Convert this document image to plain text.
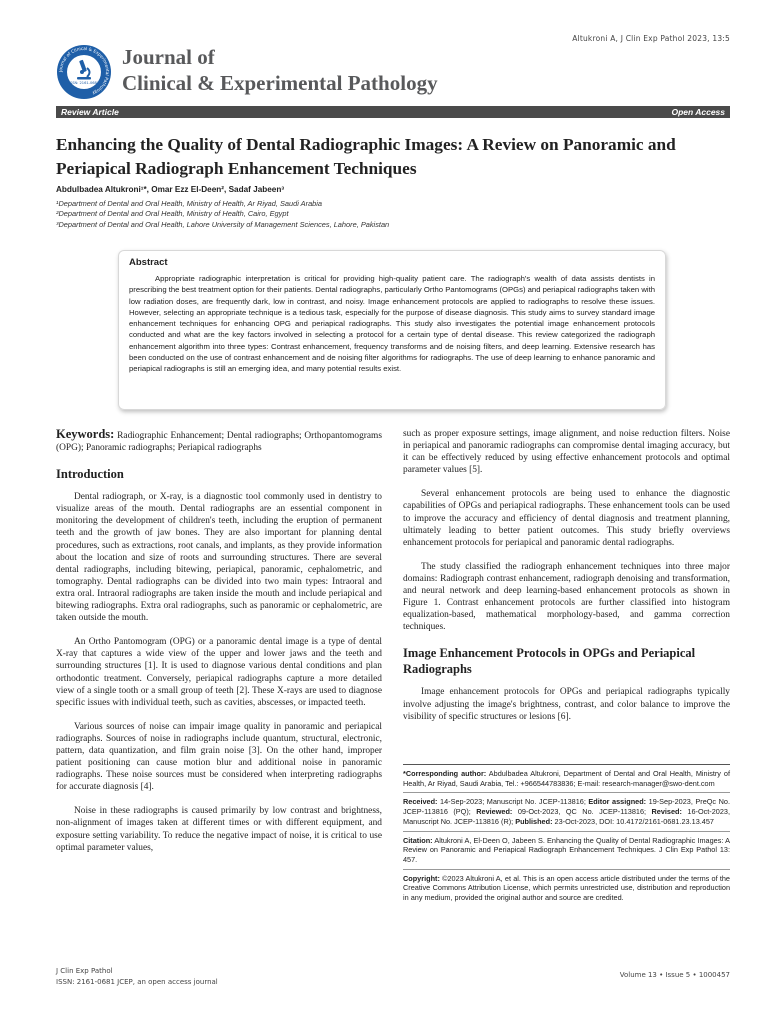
Altukroni A, J Clin Exp Pathol 2023, 13:5
Journal of Clinical & Experimental Pathology
ISSN: 2161-0681
Journal of
Clinical & Experimental Pathology
Review Article	Open Access
Enhancing the Quality of Dental Radiographic Images: A Review on Panoramic and Periapical Radiograph Enhancement Techniques
Abdulbadea Altukroni¹*, Omar Ezz El-Deen², Sadaf Jabeen³
¹Department of Dental and Oral Health, Ministry of Health, Ar Riyad, Saudi Arabia
²Department of Dental and Oral Health, Ministry of Health, Cairo, Egypt
³Department of Dental and Oral Health, Lahore University of Management Sciences, Lahore, Pakistan
Abstract

Appropriate radiographic interpretation is critical for providing high-quality patient care. The radiograph's wealth of data assists dentists in prescribing the best treatment option for their patients. Dental radiographs, particularly Ortho Pantomograms (OPGs) and periapical radiographs taken with low radiation doses, are frequently dark, low in contrast, and noisy. Image enhancement protocols are applied to radiographs to resolve these issues. However, selecting an appropriate technique is a tedious task, especially for the purpose of disease diagnosis. This study aims to survey standard image enhancement techniques for enhancing OPG and periapical radiographs. This study also investigates the potential image enhancement protocols conducted and what are the key factors involved in selecting a protocol for a certain type of dental disease. This review categorized the radiograph enhancement algorithm into three types: Contrast enhancement, frequency transforms and de noising filters, and deep learning. Extensive research has been conducted on the use of contrast enhancement and de noising filter algorithms for radiographs. The use of deep learning to enhance panoramic and periapical radiographs is still an emerging idea, and many potential results exist.

Keywords: Radiographic Enhancement; Dental radiographs; Orthopantomograms (OPG); Panoramic radiographs; Periapical radiographs

Introduction

Dental radiograph, or X-ray, is a diagnostic tool commonly used in dentistry to visualize areas of the mouth. Dental radiographs are an essential component in monitoring the development of children's teeth, including the eruption of permanent teeth and the growth of jaw bones. They are also important for planning dental procedures, such as extractions, root canals, and implants, as they provide information about the location and size of roots and surrounding structures. There are several dental radiographs, including bitewing, periapical, panoramic, cephalometric, and tomography. Dental radiographs can be divided into two main types: Intraoral and extra oral. Intraoral radiographs are taken inside the mouth and include periapical and bitewing radiographs. Extra oral radiographs, such as panoramic or cephalometric, are taken outside the mouth.

An Ortho Pantomogram (OPG) or a panoramic dental image is a type of dental X-ray that captures a wide view of the upper and lower jaws and the teeth and surrounding structures [1]. It is used to diagnose various dental conditions and plan orthodontic treatment. Conversely, periapical radiographs capture a more detailed view of a single tooth or a small group of teeth [2]. These X-rays are used to diagnose specific issues with individual teeth, such as cavities, abscesses, or impacted teeth.

Various sources of noise can impair image quality in panoramic and periapical radiographs. Sources of noise in radiographs include quantum, structural, electronic, pattern, data quantization, and film grain noise [3]. On the other hand, improper patient positioning can cause motion blur and additional noise in panoramic radiographs. These noise sources must be considered when interpreting radiographs for accurate diagnosis [4].

Noise in these radiographs is caused primarily by low contrast and brightness, non-alignment of images taken at different times or with different equipment, and exposure setting variability. To reduce the negative impact of noise, it is critical to use optimal parameter values,

such as proper exposure settings, image alignment, and noise reduction filters. Noise in periapical and panoramic radiographs can compromise dental imaging accuracy, but it can be effectively reduced by using effective enhancement protocols and optimal parameter values [5].

Several enhancement protocols are being used to enhance the diagnostic capabilities of OPGs and periapical radiographs. These enhancement tools can be used to improve the accuracy and efficiency of dental diagnosis and treatment planning, ultimately leading to better patient outcomes. This study briefly overviews enhancement protocols for periapical and panoramic dental radiographs.

The study classified the radiograph enhancement techniques into three major domains: Radiograph contrast enhancement, radiograph denoising and transformation, and neural network and deep learning-based enhancement protocols as shown in Figure 1. Contrast enhancement protocols are further classified into histogram equalization-based, mathematical morphology-based, and gamma correction techniques.

Image Enhancement Protocols in OPGs and Periapical Radiographs

Image enhancement protocols for OPGs and periapical radiographs typically involve adjusting the image's brightness, contrast, and color balance to improve the visibility of specific structures or lesions [6].

*Corresponding author: Abdulbadea Altukroni, Department of Dental and Oral Health, Ministry of Health, Ar Riyad, Saudi Arabia, Tel.: +966544783836; E-mail: research-manager@swo-dent.com
Received: 14-Sep-2023; Manuscript No. JCEP-113816; Editor assigned: 19-Sep-2023, PreQc No. JCEP-113816 (PQ); Reviewed: 09-Oct-2023, QC No. JCEP-113816; Revised: 16-Oct-2023, Manuscript No. JCEP-113816 (R); Published: 23-Oct-2023, DOI: 10.4172/2161-0681.23.13.457
Citation: Altukroni A, El-Deen O, Jabeen S. Enhancing the Quality of Dental Radiographic Images: A Review on Panoramic and Periapical Radiograph Enhancement Techniques. J Clin Exp Pathol 13: 457.
Copyright: ©2023 Altukroni A, et al. This is an open access article distributed under the terms of the Creative Commons Attribution License, which permits unrestricted use, distribution and reproduction in any medium, provided the original author and source are credited.
J Clin Exp Pathol
ISSN: 2161-0681 JCEP, an open access journal
Volume 13 • Issue 5 • 1000457
